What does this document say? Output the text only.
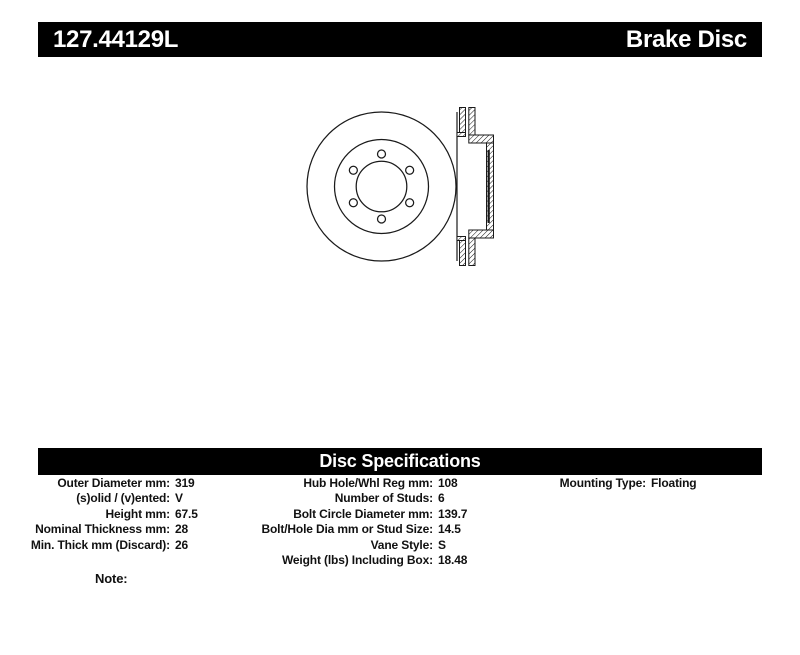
127.44129L	Brake Disc
Disc Specifications
Outer Diameter mm: 319
(s)olid / (v)ented: V
Height mm: 67.5
Nominal Thickness mm: 28
Min. Thick mm (Discard): 26
Hub Hole/Whl Reg mm: 108
Number of Studs: 6
Bolt Circle Diameter mm: 139.7
Bolt/Hole Dia mm or Stud Size: 14.5
Vane Style: S
Weight (lbs) Including Box: 18.48
Mounting Type: Floating
Note:
